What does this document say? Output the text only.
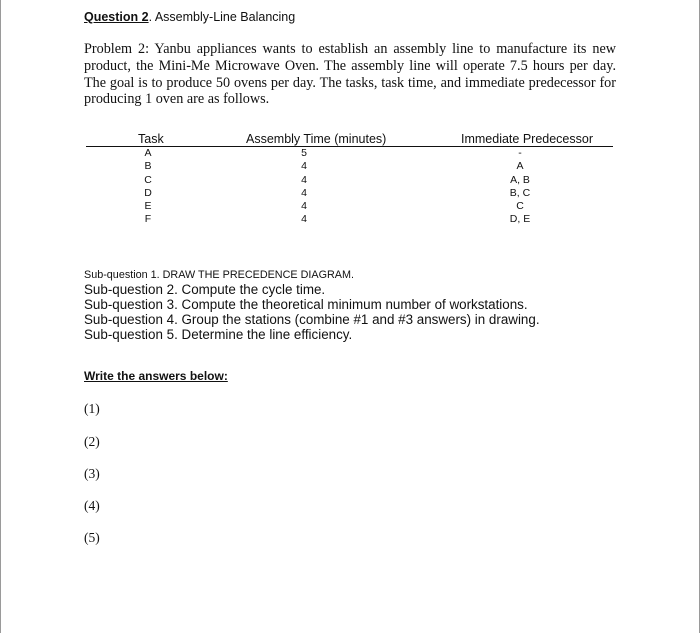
Question 2. Assembly-Line Balancing
Problem 2: Yanbu appliances wants to establish an assembly line to manufacture its new product, the Mini-Me Microwave Oven. The assembly line will operate 7.5 hours per day. The goal is to produce 50 ovens per day. The tasks, task time, and immediate predecessor for producing 1 oven are as follows.
Task	Assembly Time (minutes)	Immediate Predecessor
A
B
C
D
E
F
5
4
4
4
4
4
-
A
A, B
B, C
C
D, E
Sub-question 1. DRAW THE PRECEDENCE DIAGRAM.
Sub-question 2. Compute the cycle time.
Sub-question 3. Compute the theoretical minimum number of workstations.
Sub-question 4. Group the stations (combine #1 and #3 answers) in drawing.
Sub-question 5. Determine the line efficiency.
Write the answers below:
(1)
(2)
(3)
(4)
(5)
